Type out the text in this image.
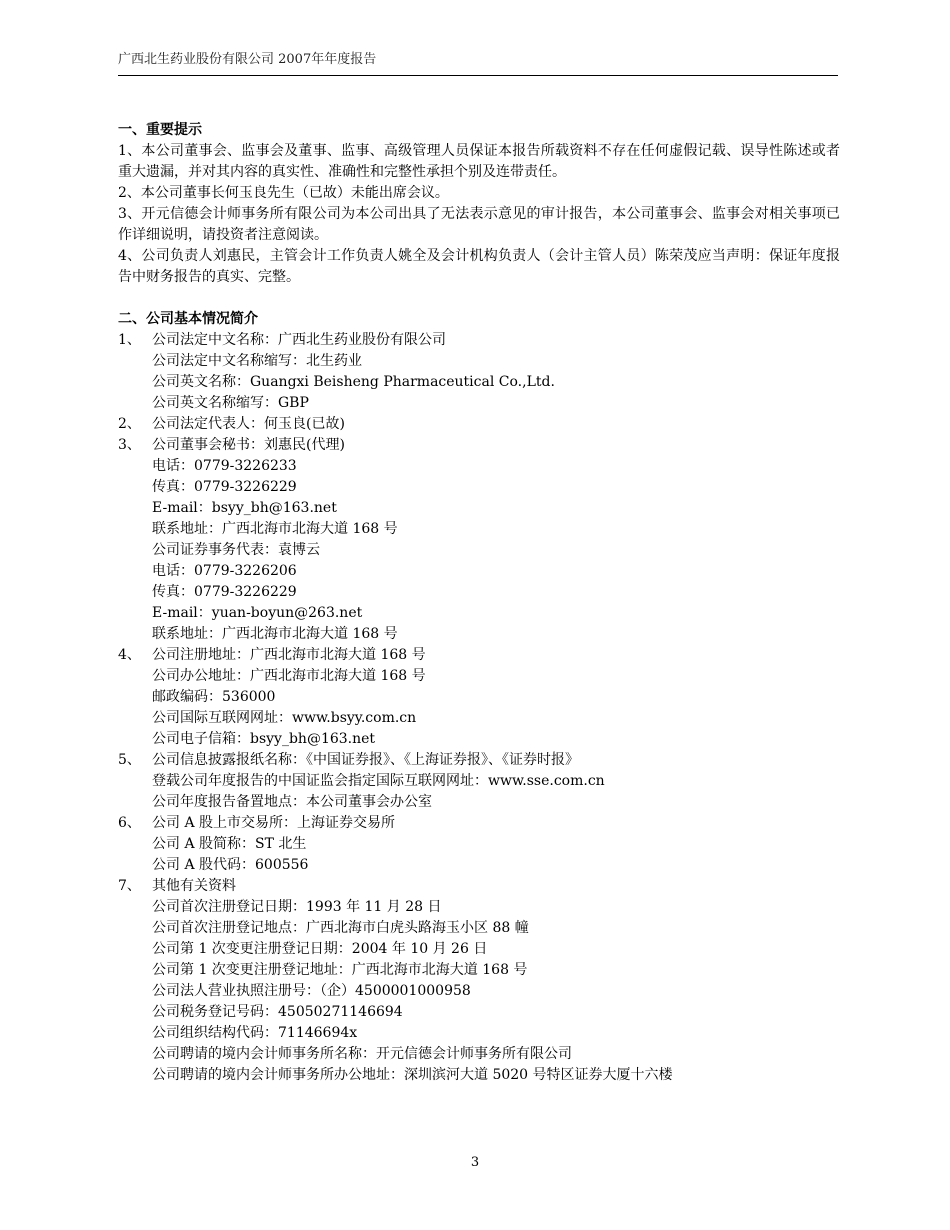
广西北生药业股份有限公司 2007年年度报告
一、重要提示
1、本公司董事会、监事会及董事、监事、高级管理人员保证本报告所载资料不存在任何虚假记载、误导性陈述或者重大遗漏，并对其内容的真实性、准确性和完整性承担个别及连带责任。
2、本公司董事长何玉良先生（已故）未能出席会议。
3、开元信德会计师事务所有限公司为本公司出具了无法表示意见的审计报告，本公司董事会、监事会对相关事项已作详细说明，请投资者注意阅读。
4、公司负责人刘惠民，主管会计工作负责人姚全及会计机构负责人（会计主管人员）陈荣茂应当声明：保证年度报告中财务报告的真实、完整。
二、公司基本情况简介
1、 公司法定中文名称：广西北生药业股份有限公司
公司法定中文名称缩写：北生药业
公司英文名称：Guangxi Beisheng Pharmaceutical Co.,Ltd.
公司英文名称缩写：GBP
2、 公司法定代表人：何玉良(已故)
3、 公司董事会秘书：刘惠民(代理)
电话：0779-3226233
传真：0779-3226229
E-mail：bsyy_bh@163.net
联系地址：广西北海市北海大道 168 号
公司证券事务代表：袁博云
电话：0779-3226206
传真：0779-3226229
E-mail：yuan-boyun@263.net
联系地址：广西北海市北海大道 168 号
4、 公司注册地址：广西北海市北海大道 168 号
公司办公地址：广西北海市北海大道 168 号
邮政编码：536000
公司国际互联网网址：www.bsyy.com.cn
公司电子信箱：bsyy_bh@163.net
5、 公司信息披露报纸名称：《中国证券报》、《上海证券报》、《证券时报》
登载公司年度报告的中国证监会指定国际互联网网址：www.sse.com.cn
公司年度报告备置地点：本公司董事会办公室
6、 公司 A 股上市交易所：上海证券交易所
公司 A 股简称：ST 北生
公司 A 股代码：600556
7、 其他有关资料
公司首次注册登记日期：1993 年 11 月 28 日
公司首次注册登记地点：广西北海市白虎头路海玉小区 88 幢
公司第 1 次变更注册登记日期：2004 年 10 月 26 日
公司第 1 次变更注册登记地址：广西北海市北海大道 168 号
公司法人营业执照注册号：（企）4500001000958
公司税务登记号码：45050271146694
公司组织结构代码：71146694x
公司聘请的境内会计师事务所名称：开元信德会计师事务所有限公司
公司聘请的境内会计师事务所办公地址：深圳滨河大道 5020 号特区证券大厦十六楼
3
